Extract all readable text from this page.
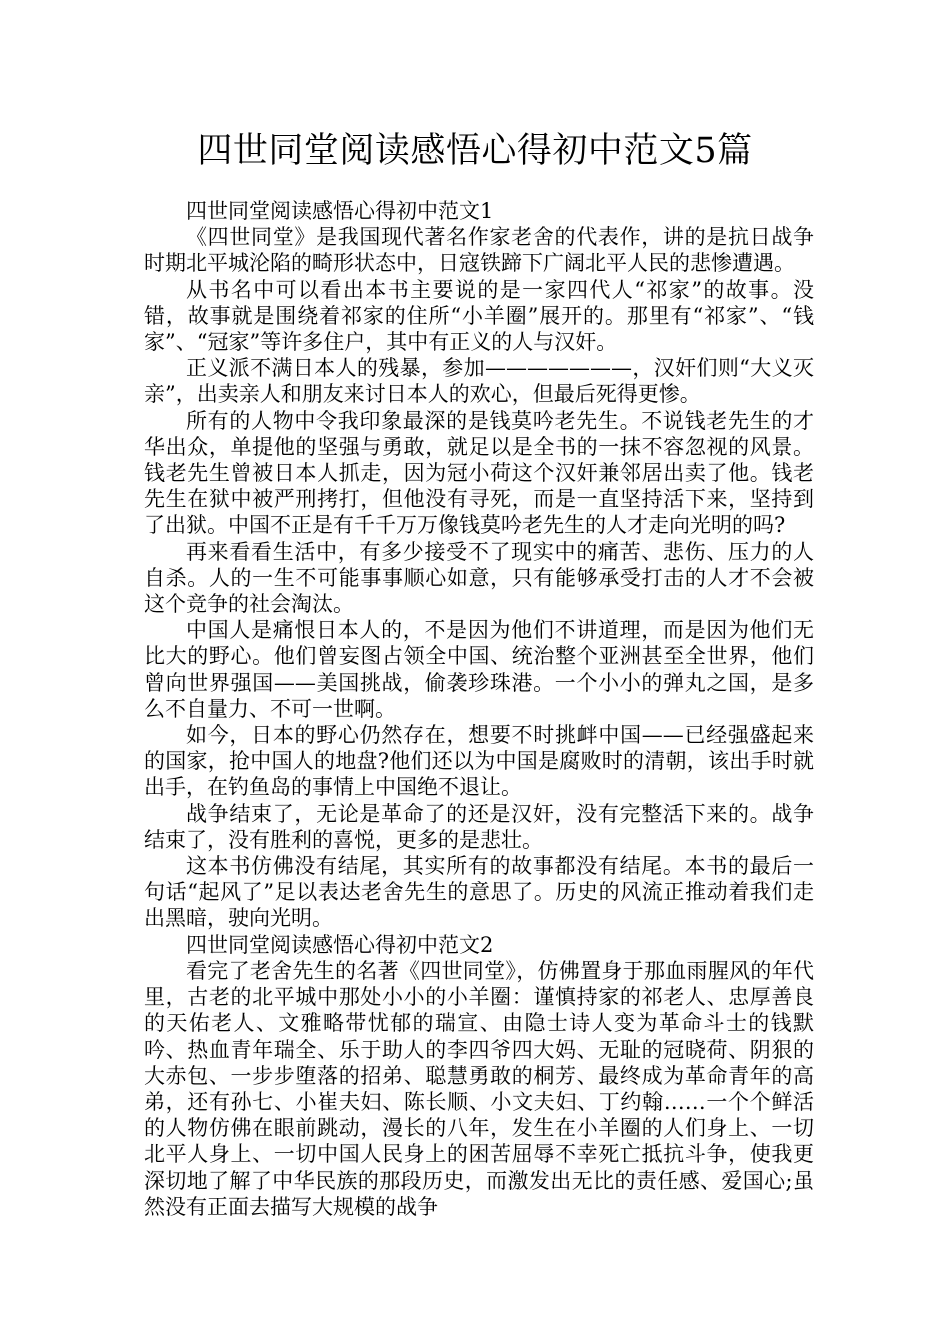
四世同堂阅读感悟心得初中范文5篇

四世同堂阅读感悟心得初中范文1

《四世同堂》是我国现代著名作家老舍的代表作，讲的是抗日战争时期北平城沦陷的畸形状态中，日寇铁蹄下广阔北平人民的悲惨遭遇。

从书名中可以看出本书主要说的是一家四代人“祁家”的故事。没错，故事就是围绕着祁家的住所“小羊圈”展开的。那里有“祁家”、“钱家”、“冠家”等许多住户，其中有正义的人与汉奸。

正义派不满日本人的残暴，参加———————，汉奸们则“大义灭亲”，出卖亲人和朋友来讨日本人的欢心，但最后死得更惨。

所有的人物中令我印象最深的是钱莫吟老先生。不说钱老先生的才华出众，单提他的坚强与勇敢，就足以是全书的一抹不容忽视的风景。钱老先生曾被日本人抓走，因为冠小荷这个汉奸兼邻居出卖了他。钱老先生在狱中被严刑拷打，但他没有寻死，而是一直坚持活下来，坚持到了出狱。中国不正是有千千万万像钱莫吟老先生的人才走向光明的吗?

再来看看生活中，有多少接受不了现实中的痛苦、悲伤、压力的人自杀。人的一生不可能事事顺心如意，只有能够承受打击的人才不会被这个竞争的社会淘汰。

中国人是痛恨日本人的，不是因为他们不讲道理，而是因为他们无比大的野心。他们曾妄图占领全中国、统治整个亚洲甚至全世界，他们曾向世界强国——美国挑战，偷袭珍珠港。一个小小的弹丸之国，是多么不自量力、不可一世啊。

如今，日本的野心仍然存在，想要不时挑衅中国——已经强盛起来的国家，抢中国人的地盘?他们还以为中国是腐败时的清朝，该出手时就出手，在钓鱼岛的事情上中国绝不退让。

战争结束了，无论是革命了的还是汉奸，没有完整活下来的。战争结束了，没有胜利的喜悦，更多的是悲壮。

这本书仿佛没有结尾，其实所有的故事都没有结尾。本书的最后一句话“起风了”足以表达老舍先生的意思了。历史的风流正推动着我们走出黑暗，驶向光明。

四世同堂阅读感悟心得初中范文2

看完了老舍先生的名著《四世同堂》，仿佛置身于那血雨腥风的年代里，古老的北平城中那处小小的小羊圈：谨慎持家的祁老人、忠厚善良的天佑老人、文雅略带忧郁的瑞宣、由隐士诗人变为革命斗士的钱默吟、热血青年瑞全、乐于助人的李四爷四大妈、无耻的冠晓荷、阴狠的大赤包、一步步堕落的招弟、聪慧勇敢的桐芳、最终成为革命青年的高弟，还有孙七、小崔夫妇、陈长顺、小文夫妇、丁约翰……一个个鲜活的人物仿佛在眼前跳动，漫长的八年，发生在小羊圈的人们身上、一切北平人身上、一切中国人民身上的困苦屈辱不幸死亡抵抗斗争，使我更深切地了解了中华民族的那段历史，而激发出无比的责任感、爱国心;虽然没有正面去描写大规模的战争
